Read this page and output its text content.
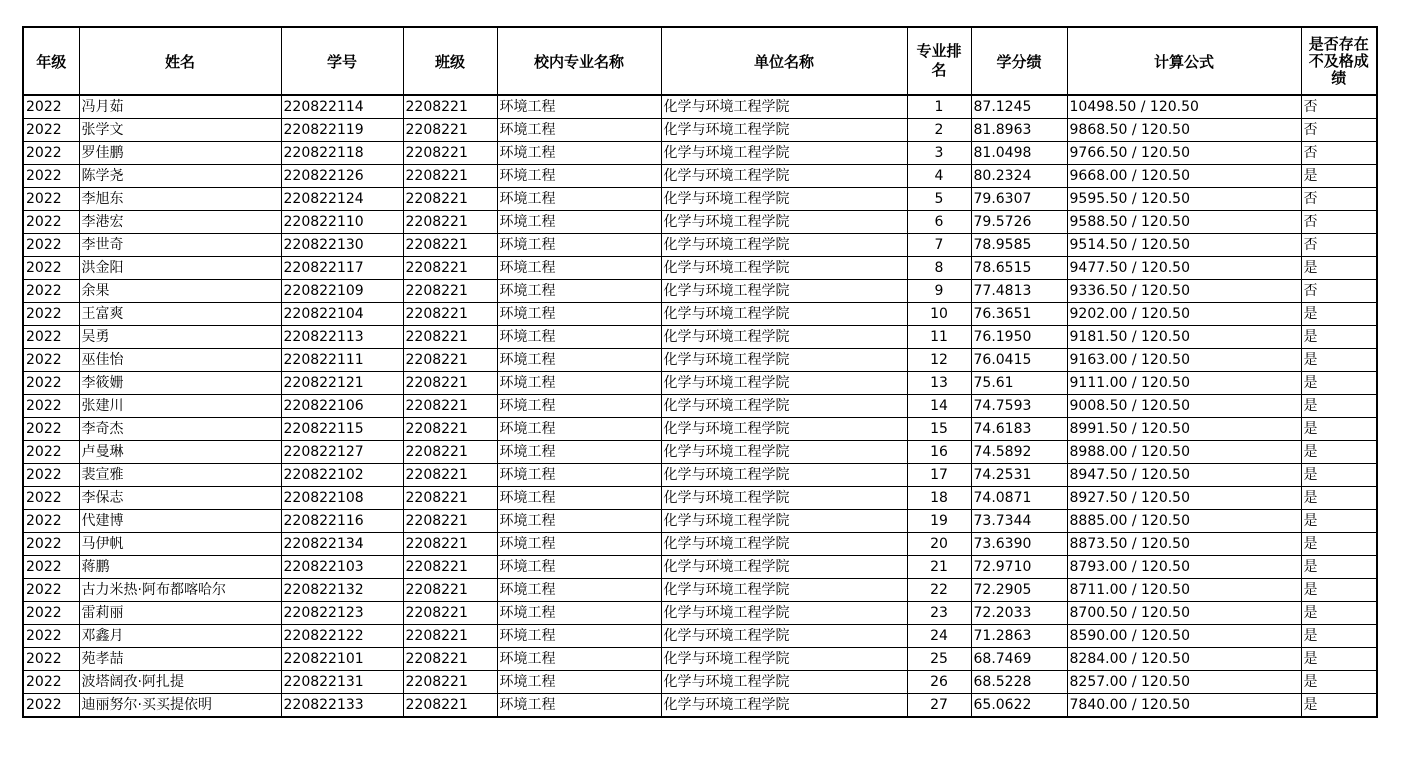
年级	姓名	学号	班级	校内专业名称	单位名称	专业排名	学分绩	计算公式	是否存在不及格成绩
2022	冯月茹	220822114	2208221	环境工程	化学与环境工程学院	1	87.1245	10498.50 / 120.50	否
2022	张学文	220822119	2208221	环境工程	化学与环境工程学院	2	81.8963	9868.50 / 120.50	否
2022	罗佳鹏	220822118	2208221	环境工程	化学与环境工程学院	3	81.0498	9766.50 / 120.50	否
2022	陈学尧	220822126	2208221	环境工程	化学与环境工程学院	4	80.2324	9668.00 / 120.50	是
2022	李旭东	220822124	2208221	环境工程	化学与环境工程学院	5	79.6307	9595.50 / 120.50	否
2022	李港宏	220822110	2208221	环境工程	化学与环境工程学院	6	79.5726	9588.50 / 120.50	否
2022	李世奇	220822130	2208221	环境工程	化学与环境工程学院	7	78.9585	9514.50 / 120.50	否
2022	洪金阳	220822117	2208221	环境工程	化学与环境工程学院	8	78.6515	9477.50 / 120.50	是
2022	余果	220822109	2208221	环境工程	化学与环境工程学院	9	77.4813	9336.50 / 120.50	否
2022	王富爽	220822104	2208221	环境工程	化学与环境工程学院	10	76.3651	9202.00 / 120.50	是
2022	吴勇	220822113	2208221	环境工程	化学与环境工程学院	11	76.1950	9181.50 / 120.50	是
2022	巫佳怡	220822111	2208221	环境工程	化学与环境工程学院	12	76.0415	9163.00 / 120.50	是
2022	李筱姗	220822121	2208221	环境工程	化学与环境工程学院	13	75.61	9111.00 / 120.50	是
2022	张建川	220822106	2208221	环境工程	化学与环境工程学院	14	74.7593	9008.50 / 120.50	是
2022	李奇杰	220822115	2208221	环境工程	化学与环境工程学院	15	74.6183	8991.50 / 120.50	是
2022	卢曼琳	220822127	2208221	环境工程	化学与环境工程学院	16	74.5892	8988.00 / 120.50	是
2022	裴宣雅	220822102	2208221	环境工程	化学与环境工程学院	17	74.2531	8947.50 / 120.50	是
2022	李保志	220822108	2208221	环境工程	化学与环境工程学院	18	74.0871	8927.50 / 120.50	是
2022	代建博	220822116	2208221	环境工程	化学与环境工程学院	19	73.7344	8885.00 / 120.50	是
2022	马伊帆	220822134	2208221	环境工程	化学与环境工程学院	20	73.6390	8873.50 / 120.50	是
2022	蒋鹏	220822103	2208221	环境工程	化学与环境工程学院	21	72.9710	8793.00 / 120.50	是
2022	古力米热·阿布都喀哈尔	220822132	2208221	环境工程	化学与环境工程学院	22	72.2905	8711.00 / 120.50	是
2022	雷莉丽	220822123	2208221	环境工程	化学与环境工程学院	23	72.2033	8700.50 / 120.50	是
2022	邓鑫月	220822122	2208221	环境工程	化学与环境工程学院	24	71.2863	8590.00 / 120.50	是
2022	苑孝喆	220822101	2208221	环境工程	化学与环境工程学院	25	68.7469	8284.00 / 120.50	是
2022	波塔阔孜·阿扎提	220822131	2208221	环境工程	化学与环境工程学院	26	68.5228	8257.00 / 120.50	是
2022	迪丽努尔·买买提依明	220822133	2208221	环境工程	化学与环境工程学院	27	65.0622	7840.00 / 120.50	是
